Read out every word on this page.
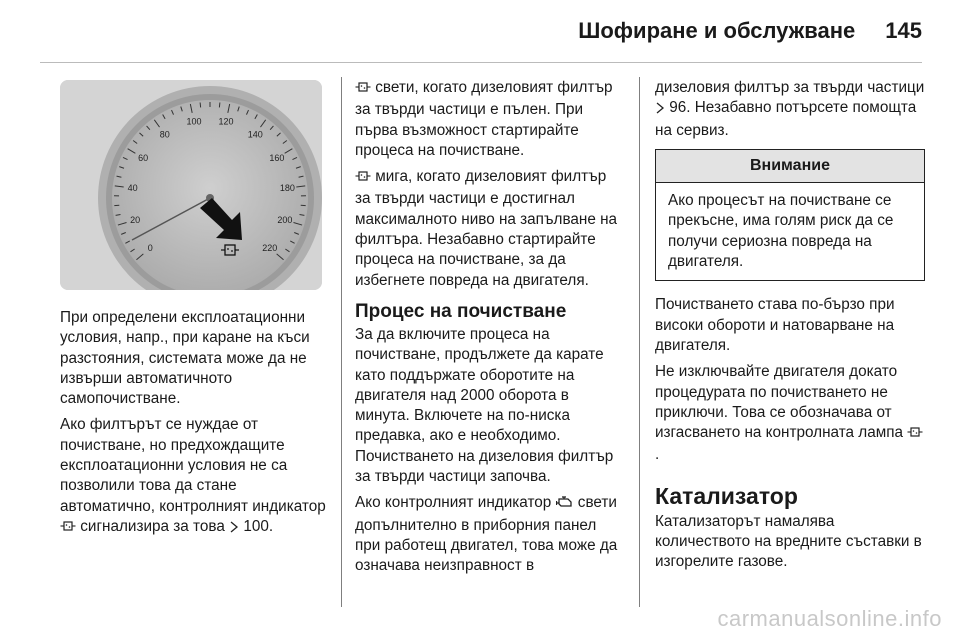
Шофиране и обслужване 145
0
20
40
60
80
100 120
140
160
180
200
220

При определени експлоатационни условия, напр., при каране на къси разстояния, системата може да не извърши автоматичното самопочистване.

Ако филтърът се нуждае от почистване, но предхождащите експлоатационни условия не са позволили това да стане автоматично, контролният индикатор  сигнализира за това  100.

свети, когато дизеловият филтър за твърди частици е пълен. При първа възможност стартирайте процеса на почистване.

мига, когато дизеловият филтър за твърди частици е достигнал максималното ниво на запълване на филтъра. Незабавно стартирайте процеса на почистване, за да избегнете повреда на двигателя.

Процес на почистване

За да включите процеса на почистване, продължете да карате като поддържате оборотите на двигателя над 2000 оборота в минута. Включете на по-ниска предавка, ако е необходимо. Почистването на дизеловия филтър за твърди частици започва.

Ако контролният индикатор  свети допълнително в приборния панел при работещ двигател, това може да означава неизправност в

дизеловия филтър за твърди частици  96. Незабавно потърсете помощта на сервиз.

Внимание
Ако процесът на почистване се прекъсне, има голям риск да се получи сериозна повреда на двигателя.

Почистването става по-бързо при високи обороти и натоварване на двигателя.

Не изключвайте двигателя докато процедурата по почистването не приключи. Това се обозначава от изгасването на контролната лампа .

Катализатор

Катализаторът намалява количеството на вредните съставки в изгорелите газове.

carmanualsonline.info
